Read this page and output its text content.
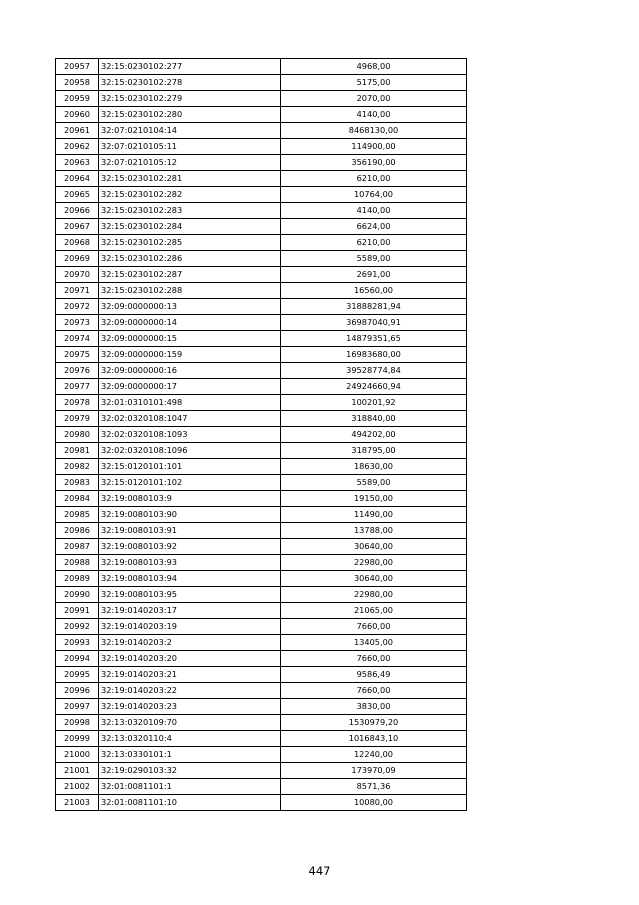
20957	32:15:0230102:277	4968,00
20958	32:15:0230102:278	5175,00
20959	32:15:0230102:279	2070,00
20960	32:15:0230102:280	4140,00
20961	32:07:0210104:14	8468130,00
20962	32:07:0210105:11	114900,00
20963	32:07:0210105:12	356190,00
20964	32:15:0230102:281	6210,00
20965	32:15:0230102:282	10764,00
20966	32:15:0230102:283	4140,00
20967	32:15:0230102:284	6624,00
20968	32:15:0230102:285	6210,00
20969	32:15:0230102:286	5589,00
20970	32:15:0230102:287	2691,00
20971	32:15:0230102:288	16560,00
20972	32:09:0000000:13	31888281,94
20973	32:09:0000000:14	36987040,91
20974	32:09:0000000:15	14879351,65
20975	32:09:0000000:159	16983680,00
20976	32:09:0000000:16	39528774,84
20977	32:09:0000000:17	24924660,94
20978	32:01:0310101:498	100201,92
20979	32:02:0320108:1047	318840,00
20980	32:02:0320108:1093	494202,00
20981	32:02:0320108:1096	318795,00
20982	32:15:0120101:101	18630,00
20983	32:15:0120101:102	5589,00
20984	32:19:0080103:9	19150,00
20985	32:19:0080103:90	11490,00
20986	32:19:0080103:91	13788,00
20987	32:19:0080103:92	30640,00
20988	32:19:0080103:93	22980,00
20989	32:19:0080103:94	30640,00
20990	32:19:0080103:95	22980,00
20991	32:19:0140203:17	21065,00
20992	32:19:0140203:19	7660,00
20993	32:19:0140203:2	13405,00
20994	32:19:0140203:20	7660,00
20995	32:19:0140203:21	9586,49
20996	32:19:0140203:22	7660,00
20997	32:19:0140203:23	3830,00
20998	32:13:0320109:70	1530979,20
20999	32:13:0320110:4	1016843,10
21000	32:13:0330101:1	12240,00
21001	32:19:0290103:32	173970,09
21002	32:01:0081101:1	8571,36
21003	32:01:0081101:10	10080,00
447
